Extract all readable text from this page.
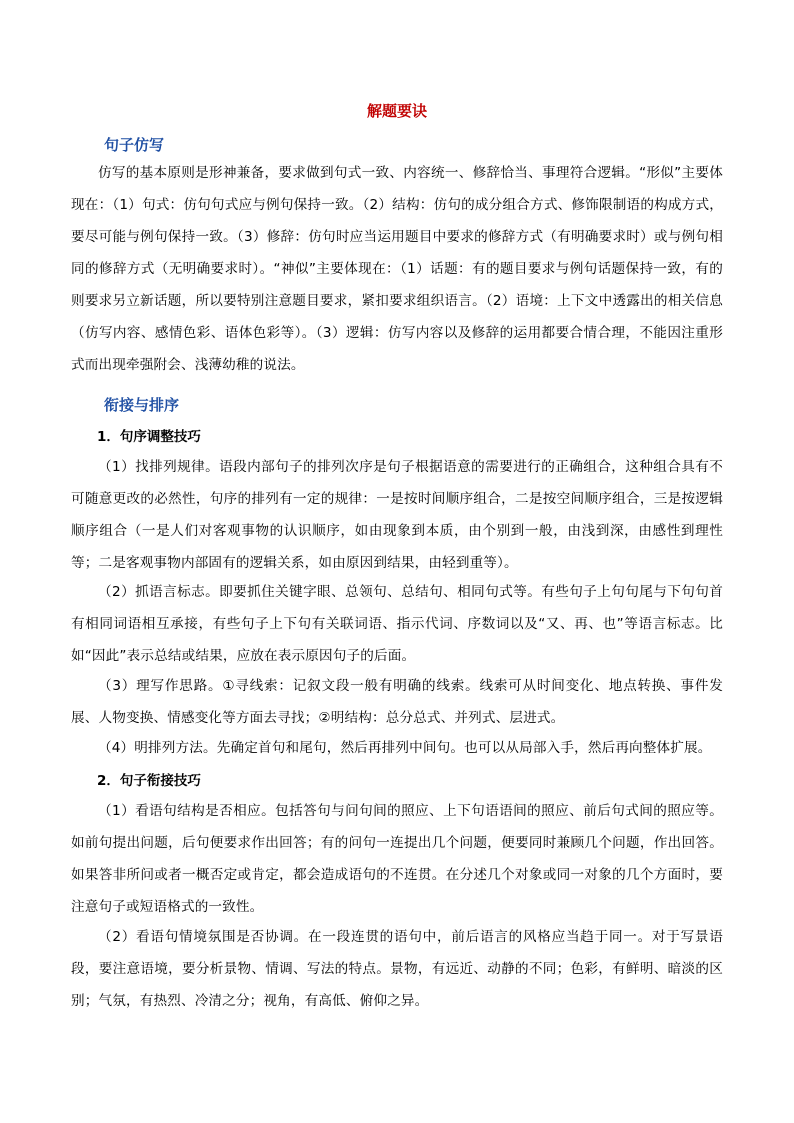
解题要诀
句子仿写
仿写的基本原则是形神兼备，要求做到句式一致、内容统一、修辞恰当、事理符合逻辑。“形似”主要体现在：（1）句式：仿句句式应与例句保持一致。（2）结构：仿句的成分组合方式、修饰限制语的构成方式，要尽可能与例句保持一致。（3）修辞：仿句时应当运用题目中要求的修辞方式（有明确要求时）或与例句相同的修辞方式（无明确要求时）。“神似”主要体现在：（1）话题：有的题目要求与例句话题保持一致，有的则要求另立新话题，所以要特别注意题目要求，紧扣要求组织语言。（2）语境：上下文中透露出的相关信息（仿写内容、感情色彩、语体色彩等）。（3）逻辑：仿写内容以及修辞的运用都要合情合理，不能因注重形式而出现牵强附会、浅薄幼稚的说法。
衔接与排序
1．句序调整技巧
（1）找排列规律。语段内部句子的排列次序是句子根据语意的需要进行的正确组合，这种组合具有不可随意更改的必然性，句序的排列有一定的规律：一是按时间顺序组合，二是按空间顺序组合，三是按逻辑顺序组合（一是人们对客观事物的认识顺序，如由现象到本质，由个别到一般，由浅到深，由感性到理性等；二是客观事物内部固有的逻辑关系，如由原因到结果，由轻到重等）。
（2）抓语言标志。即要抓住关键字眼、总领句、总结句、相同句式等。有些句子上句句尾与下句句首有相同词语相互承接，有些句子上下句有关联词语、指示代词、序数词以及“又、再、也”等语言标志。比如“因此”表示总结或结果，应放在表示原因句子的后面。
（3）理写作思路。①寻线索：记叙文段一般有明确的线索。线索可从时间变化、地点转换、事件发展、人物变换、情感变化等方面去寻找；②明结构：总分总式、并列式、层进式。
（4）明排列方法。先确定首句和尾句，然后再排列中间句。也可以从局部入手，然后再向整体扩展。
2．句子衔接技巧
（1）看语句结构是否相应。包括答句与问句间的照应、上下句语语间的照应、前后句式间的照应等。如前句提出问题，后句便要求作出回答；有的问句一连提出几个问题，便要同时兼顾几个问题，作出回答。如果答非所问或者一概否定或肯定，都会造成语句的不连贯。在分述几个对象或同一对象的几个方面时，要注意句子或短语格式的一致性。
（2）看语句情境氛围是否协调。在一段连贯的语句中，前后语言的风格应当趋于同一。对于写景语段，要注意语境，要分析景物、情调、写法的特点。景物，有远近、动静的不同；色彩，有鲜明、暗淡的区别；气氛，有热烈、冷清之分；视角，有高低、俯仰之异。
